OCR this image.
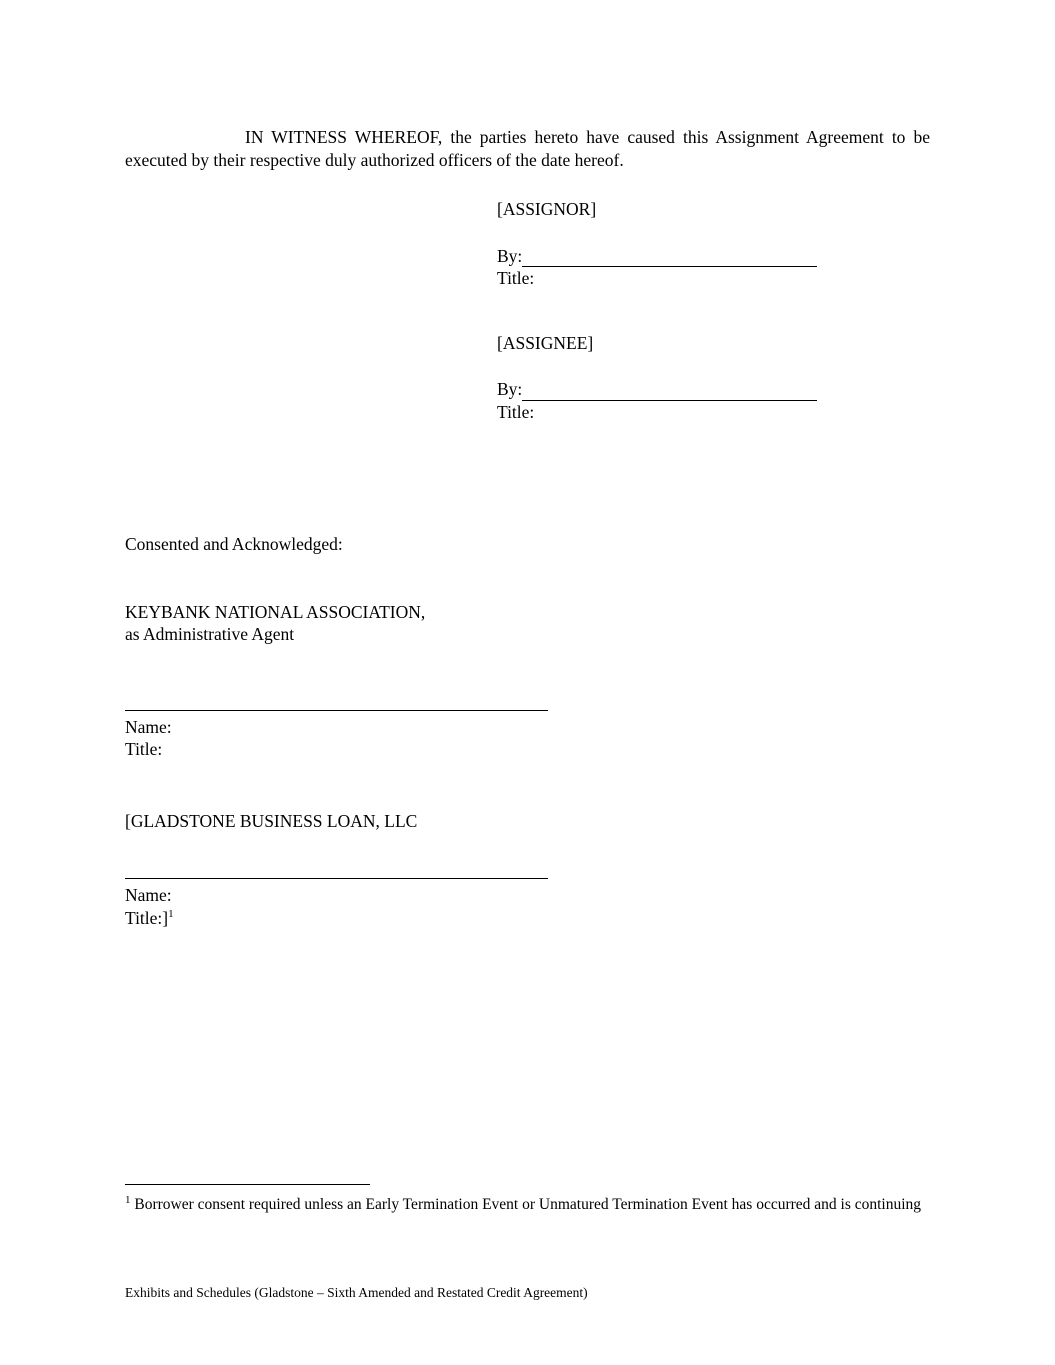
IN WITNESS WHEREOF, the parties hereto have caused this Assignment Agreement to be executed by their respective duly authorized officers of the date hereof.

[ASSIGNOR]
By:
Title:
[ASSIGNEE]
By:
Title:
Consented and Acknowledged:
KEYBANK NATIONAL ASSOCIATION,
as Administrative Agent
Name:
Title:
[GLADSTONE BUSINESS LOAN, LLC
Name:
Title:]$^1$

$^1$ Borrower consent required unless an Early Termination Event or Unmatured Termination Event has occurred and is continuing

Exhibits and Schedules (Gladstone – Sixth Amended and Restated Credit Agreement)
